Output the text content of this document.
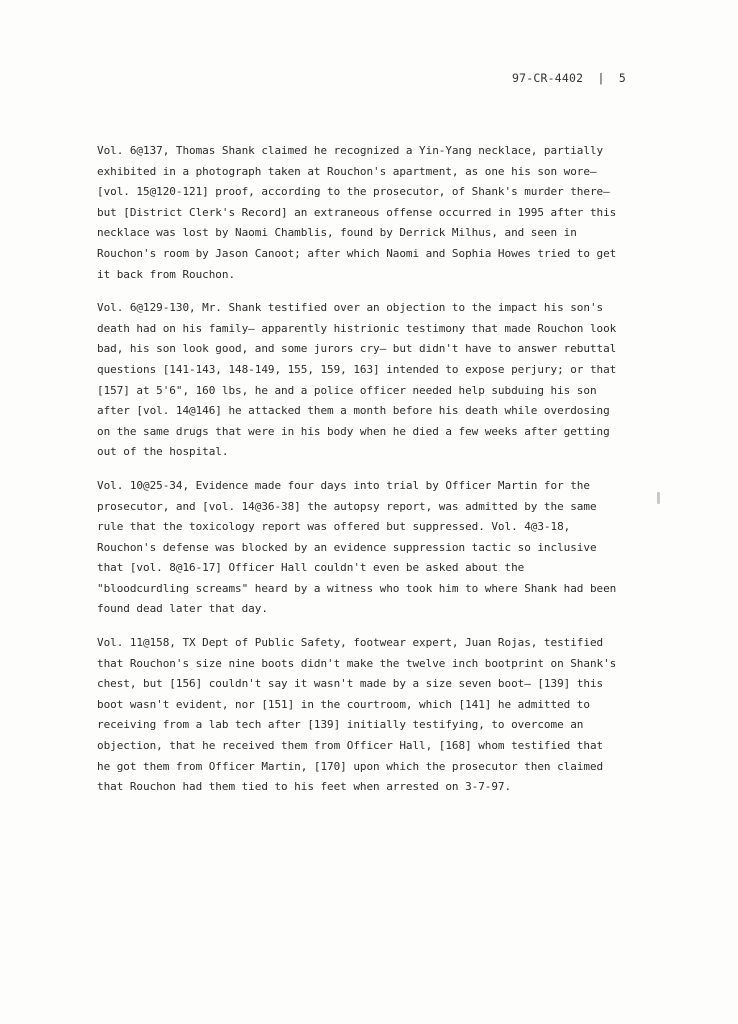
97-CR-4402  |  5

Vol. 6@137, Thomas Shank claimed he recognized a Yin-Yang necklace, partially exhibited in a photograph taken at Rouchon's apartment, as one his son wore— [vol. 15@120-121] proof, according to the prosecutor, of Shank's murder there— but [District Clerk's Record] an extraneous offense occurred in 1995 after this necklace was lost by Naomi Chamblis, found by Derrick Milhus, and seen in Rouchon's room by Jason Canoot; after which Naomi and Sophia Howes tried to get it back from Rouchon.

Vol. 6@129-130, Mr. Shank testified over an objection to the impact his son's death had on his family— apparently histrionic testimony that made Rouchon look bad, his son look good, and some jurors cry— but didn't have to answer rebuttal questions [141-143, 148-149, 155, 159, 163] intended to expose perjury; or that [157] at 5'6", 160 lbs, he and a police officer needed help subduing his son after [vol. 14@146] he attacked them a month before his death while overdosing on the same drugs that were in his body when he died a few weeks after getting out of the hospital.

Vol. 10@25-34, Evidence made four days into trial by Officer Martin for the prosecutor, and [vol. 14@36-38] the autopsy report, was admitted by the same rule that the toxicology report was offered but suppressed. Vol. 4@3-18, Rouchon's defense was blocked by an evidence suppression tactic so inclusive that [vol. 8@16-17] Officer Hall couldn't even be asked about the "bloodcurdling screams" heard by a witness who took him to where Shank had been found dead later that day.

Vol. 11@158, TX Dept of Public Safety, footwear expert, Juan Rojas, testified that Rouchon's size nine boots didn't make the twelve inch bootprint on Shank's chest, but [156] couldn't say it wasn't made by a size seven boot— [139] this boot wasn't evident, nor [151] in the courtroom, which [141] he admitted to receiving from a lab tech after [139] initially testifying, to overcome an objection, that he received them from Officer Hall, [168] whom testified that he got them from Officer Martin, [170] upon which the prosecutor then claimed that Rouchon had them tied to his feet when arrested on 3-7-97.
